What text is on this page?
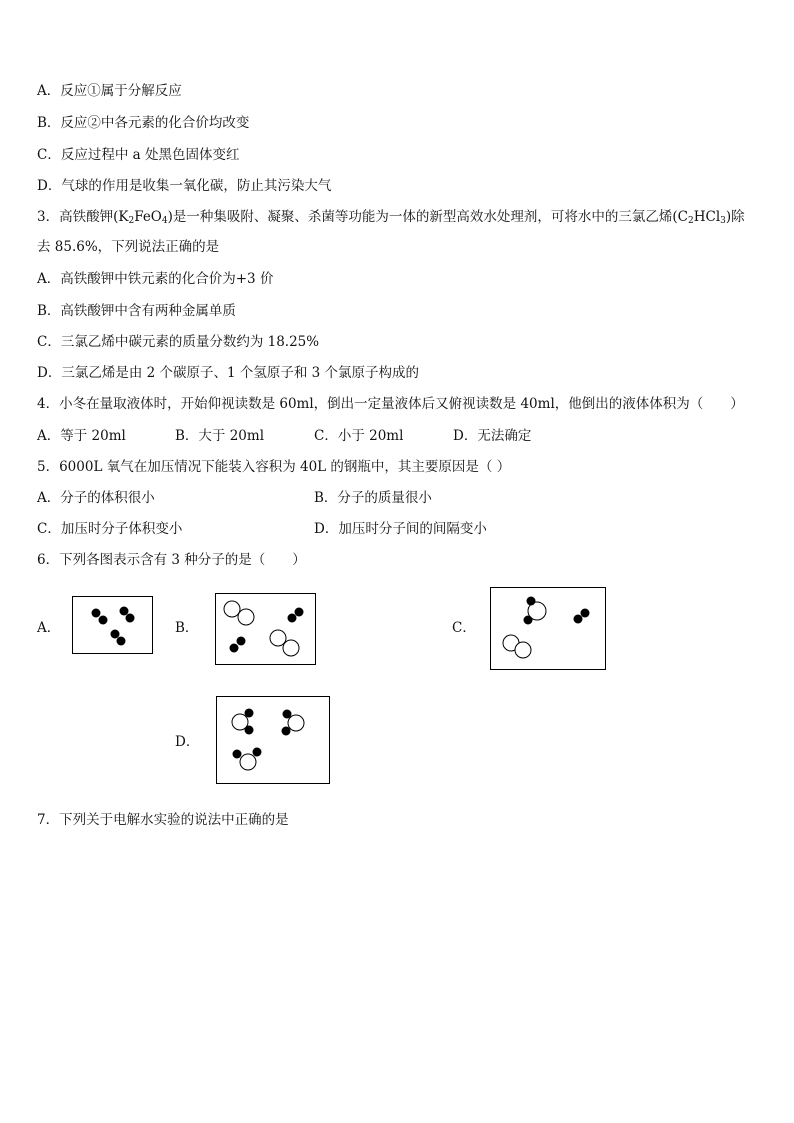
A．反应①属于分解反应
B．反应②中各元素的化合价均改变
C．反应过程中 a 处黑色固体变红
D．气球的作用是收集一氧化碳，防止其污染大气
3．高铁酸钾$(K_2FeO_4)$是一种集吸附、凝聚、杀菌等功能为一体的新型高效水处理剂，可将水中的三氯乙烯$(C_2HCl_3)$除
去 85.6%，下列说法正确的是
A．高铁酸钾中铁元素的化合价为+3 价
B．高铁酸钾中含有两种金属单质
C．三氯乙烯中碳元素的质量分数约为 18.25%
D．三氯乙烯是由 2 个碳原子、1 个氢原子和 3 个氯原子构成的
4．小冬在量取液体时，开始仰视读数是 60ml，倒出一定量液体后又俯视读数是 40ml，他倒出的液体体积为（　　）
A．等于 20ml	B．大于 20ml	C．小于 20ml	D．无法确定
5．6000L 氧气在加压情况下能装入容积为 40L 的钢瓶中，其主要原因是（ ）
A．分子的体积很小	B．分子的质量很小
C．加压时分子体积变小	D．加压时分子间的间隔变小
6．下列各图表示含有 3 种分子的是（　　）
A．	B．	C．
D．
7．下列关于电解水实验的说法中正确的是
